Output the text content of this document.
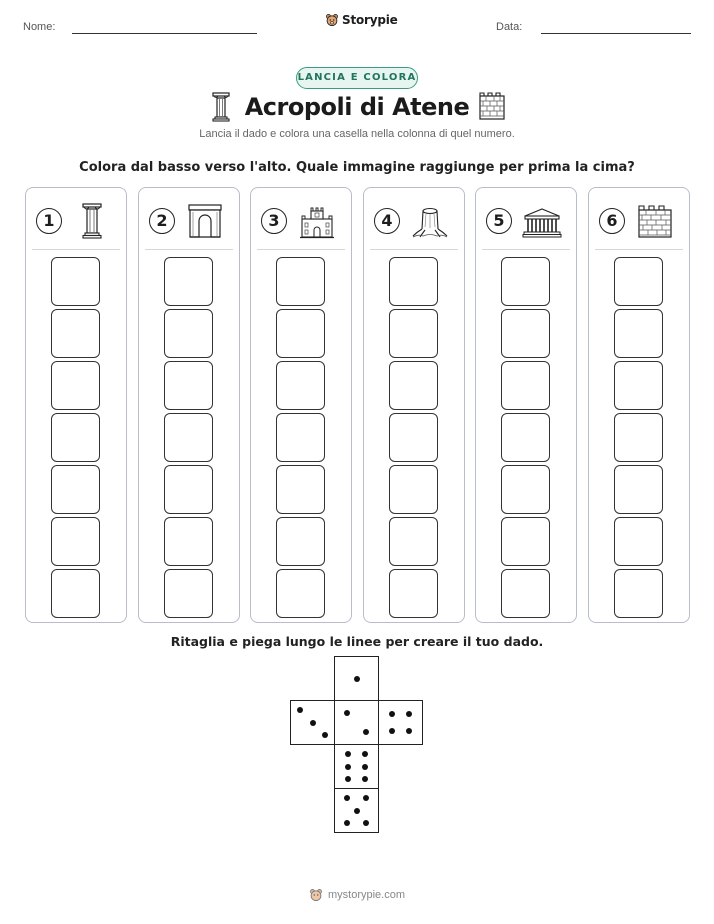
Nome:	Storypie	Data:
LANCIA E COLORA
Acropoli di Atene
Lancia il dado e colora una casella nella colonna di quel numero.
Colora dal basso verso l'alto. Quale immagine raggiunge per prima la cima?
1	2	3	4	5	6
Ritaglia e piega lungo le linee per creare il tuo dado.
mystorypie.com
